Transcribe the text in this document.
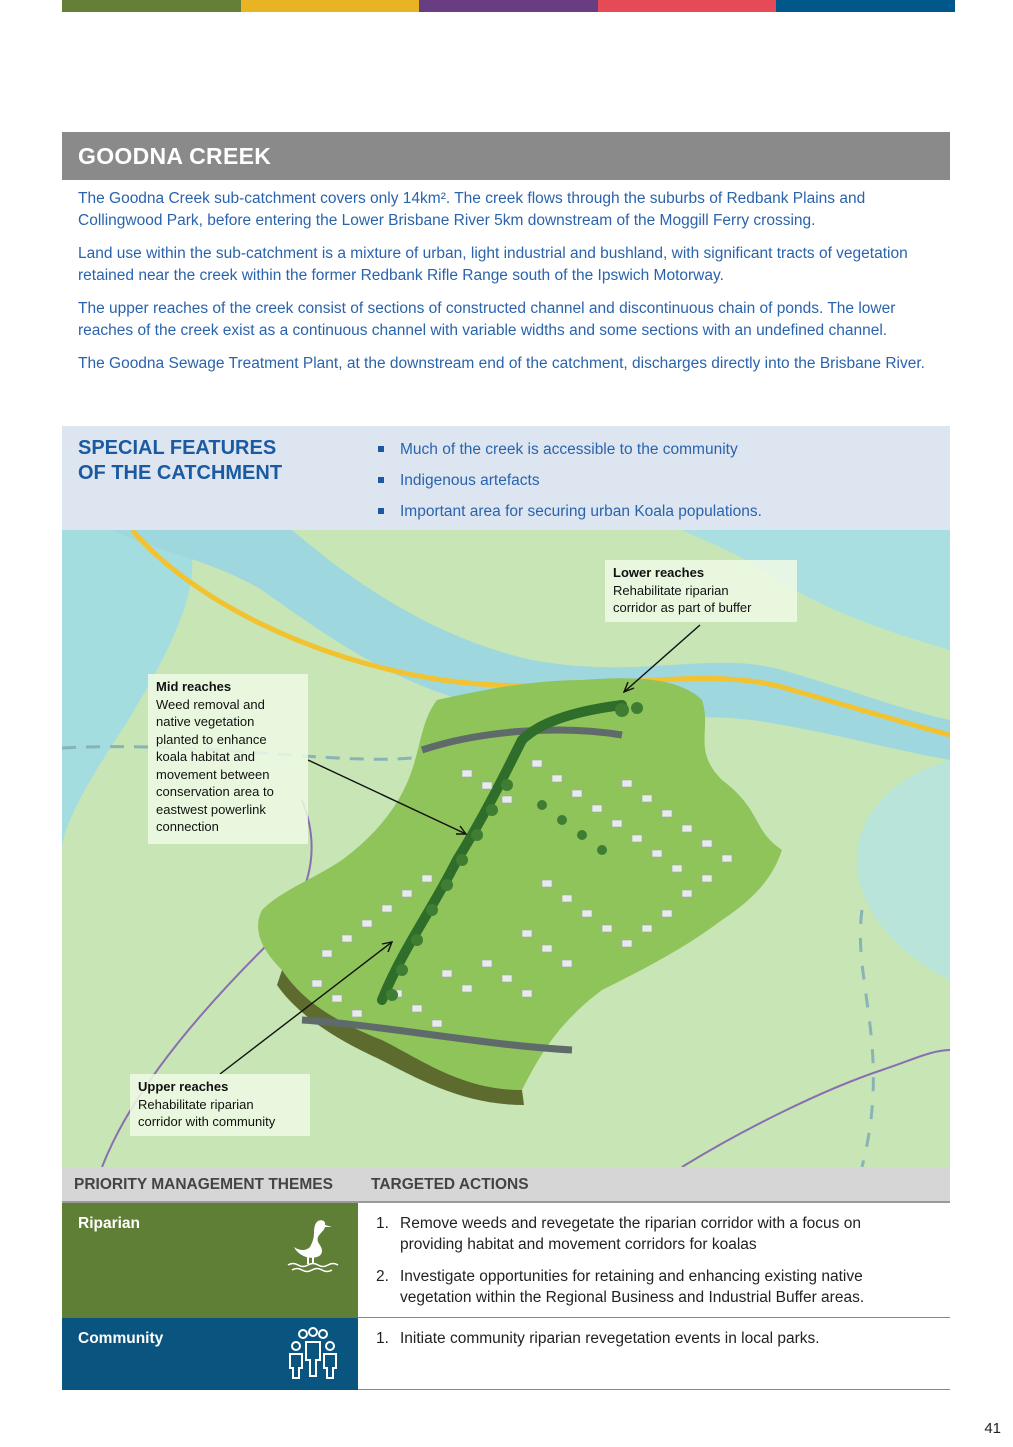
GOODNA CREEK

The Goodna Creek sub-catchment covers only 14km². The creek flows through the suburbs of Redbank Plains and Collingwood Park, before entering the Lower Brisbane River 5km downstream of the Moggill Ferry crossing.

Land use within the sub-catchment is a mixture of urban, light industrial and bushland, with significant tracts of vegetation retained near the creek within the former Redbank Rifle Range south of the Ipswich Motorway.

The upper reaches of the creek consist of sections of constructed channel and discontinuous chain of ponds. The lower reaches of the creek exist as a continuous channel with variable widths and some sections with an undefined channel.

The Goodna Sewage Treatment Plant, at the downstream end of the catchment, discharges directly into the Brisbane River.

SPECIAL FEATURES
OF THE CATCHMENT
Much of the creek is accessible to the community
Indigenous artefacts
Important area for securing urban Koala populations.
Lower reaches
Rehabilitate riparian
corridor as part of buffer
Mid reaches
Weed removal and
native vegetation
planted to enhance
koala habitat and
movement between
conservation area to
eastwest powerlink
connection
Upper reaches
Rehabilitate riparian
corridor with community
PRIORITY MANAGEMENT THEMES TARGETED ACTIONS
Riparian	1. Remove weeds and revegetate the riparian corridor with a focus on providing habitat and movement corridors for koalas
2. Investigate opportunities for retaining and enhancing existing native vegetation within the Regional Business and Industrial Buffer areas.
Community	1. Initiate community riparian revegetation events in local parks.
41
